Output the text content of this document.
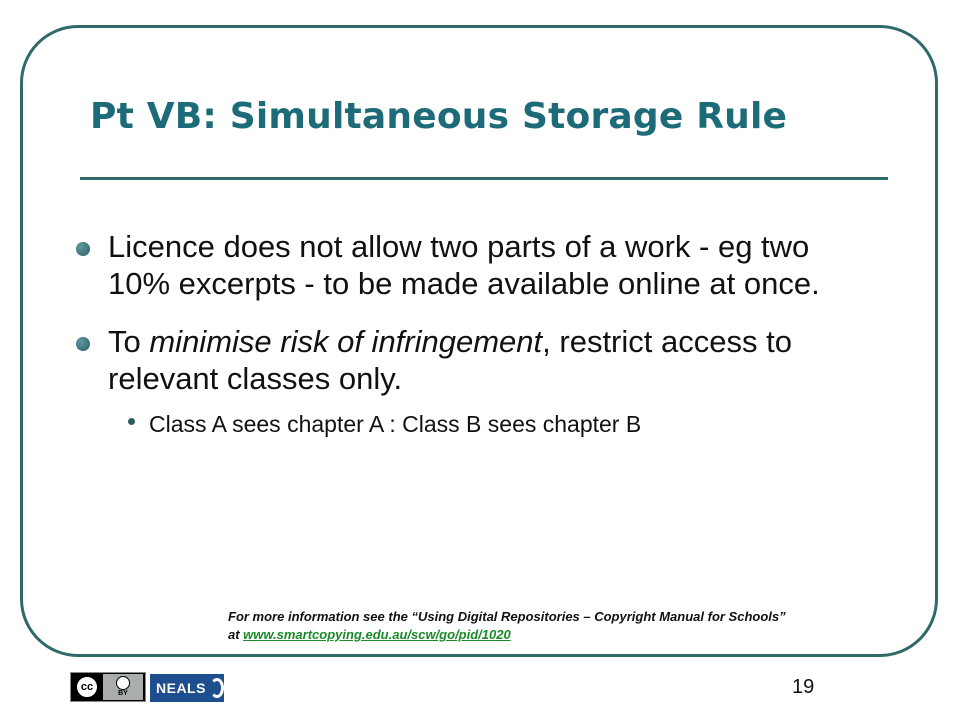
Pt VB: Simultaneous Storage Rule
Licence does not allow two parts of a work - eg two 10% excerpts - to be made available online at once.
To minimise risk of infringement, restrict access to relevant classes only.
Class A sees chapter A : Class B sees chapter B
For more information see the “Using Digital Repositories – Copyright Manual for Schools” at www.smartcopying.edu.au/scw/go/pid/1020
cc
BY NEALS	19
